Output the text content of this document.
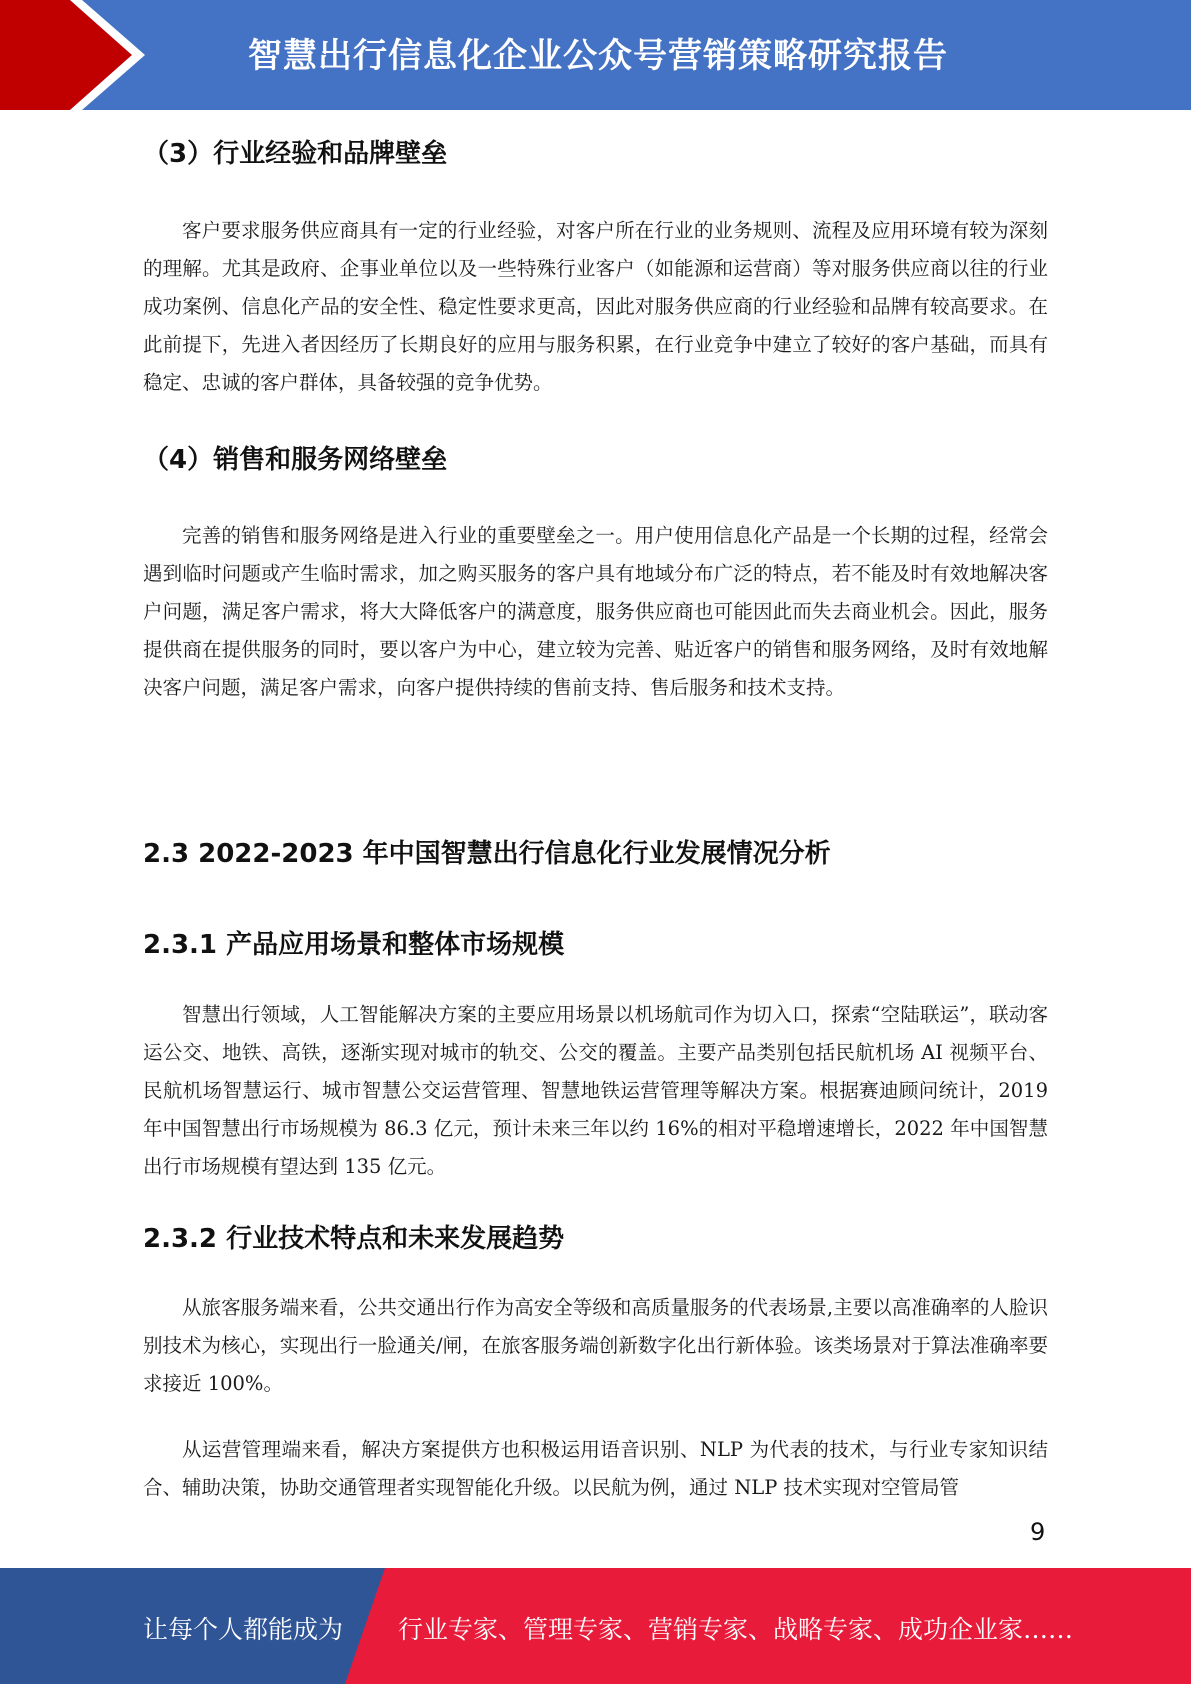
智慧出行信息化企业公众号营销策略研究报告
（3）行业经验和品牌壁垒

客户要求服务供应商具有一定的行业经验，对客户所在行业的业务规则、流程及应用环境有较为深刻的理解。尤其是政府、企事业单位以及一些特殊行业客户（如能源和运营商）等对服务供应商以往的行业成功案例、信息化产品的安全性、稳定性要求更高，因此对服务供应商的行业经验和品牌有较高要求。在此前提下，先进入者因经历了长期良好的应用与服务积累，在行业竞争中建立了较好的客户基础，而具有稳定、忠诚的客户群体，具备较强的竞争优势。

（4）销售和服务网络壁垒

完善的销售和服务网络是进入行业的重要壁垒之一。用户使用信息化产品是一个长期的过程，经常会遇到临时问题或产生临时需求，加之购买服务的客户具有地域分布广泛的特点，若不能及时有效地解决客户问题，满足客户需求，将大大降低客户的满意度，服务供应商也可能因此而失去商业机会。因此，服务提供商在提供服务的同时，要以客户为中心，建立较为完善、贴近客户的销售和服务网络，及时有效地解决客户问题，满足客户需求，向客户提供持续的售前支持、售后服务和技术支持。

2.3 2022-2023 年中国智慧出行信息化行业发展情况分析
2.3.1 产品应用场景和整体市场规模

智慧出行领域，人工智能解决方案的主要应用场景以机场航司作为切入口，探索“空陆联运”，联动客运公交、地铁、高铁，逐渐实现对城市的轨交、公交的覆盖。主要产品类别包括民航机场 AI 视频平台、民航机场智慧运行、城市智慧公交运营管理、智慧地铁运营管理等解决方案。根据赛迪顾问统计，2019 年中国智慧出行市场规模为 86.3 亿元，预计未来三年以约 16%的相对平稳增速增长，2022 年中国智慧出行市场规模有望达到 135 亿元。

2.3.2 行业技术特点和未来发展趋势

从旅客服务端来看，公共交通出行作为高安全等级和高质量服务的代表场景,主要以高准确率的人脸识别技术为核心，实现出行一脸通关/闸，在旅客服务端创新数字化出行新体验。该类场景对于算法准确率要求接近 100%。

从运营管理端来看，解决方案提供方也积极运用语音识别、NLP 为代表的技术，与行业专家知识结合、辅助决策，协助交通管理者实现智能化升级。以民航为例，通过 NLP 技术实现对空管局管

9
让每个人都能成为 行业专家、管理专家、营销专家、战略专家、成功企业家……
